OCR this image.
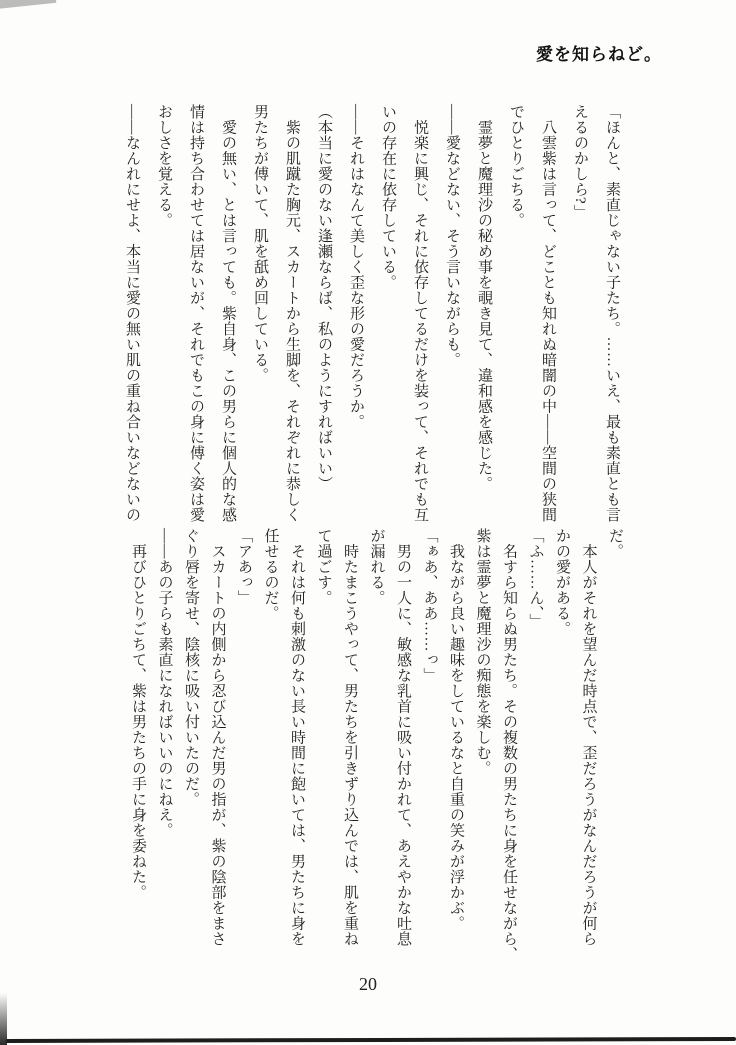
愛を知らねど。

「ほんと、素直じゃない子たち。……いえ、最も素直とも言

えるのかしら?」

　八雲紫は言って、どことも知れぬ暗闇の中――空間の狭間

でひとりごちる。

　霊夢と魔理沙の秘め事を覗き見て、違和感を感じた。

――愛などない、そう言いながらも。

　悦楽に興じ、それに依存してるだけを装って、それでも互

いの存在に依存している。

――それはなんて美しく歪な形の愛だろうか。

（本当に愛のない逢瀬ならば、私のようにすればいい）

　紫の肌蹴た胸元、スカートから生脚を、それぞれに恭しく

男たちが傅いて、肌を舐め回している。

　愛の無い、とは言っても。紫自身、この男らに個人的な感

情は持ち合わせては居ないが、それでもこの身に傅く姿は愛

おしさを覚える。

――なんれにせよ、本当に愛の無い肌の重ね合いなどないの

だ。

　本人がそれを望んだ時点で、歪だろうがなんだろうが何ら

かの愛がある。

「ふ……ん、」

　名すら知らぬ男たち。その複数の男たちに身を任せながら、

紫は霊夢と魔理沙の痴態を楽しむ。

　我ながら良い趣味をしているなと自重の笑みが浮かぶ。

「ぁあ、ああ……っ」

　男の一人に、敏感な乳首に吸い付かれて、あえやかな吐息

が漏れる。

　時たまこうやって、男たちを引きずり込んでは、肌を重ね

て過ごす。

　それは何も刺激のない長い時間に飽いては、男たちに身を

任せるのだ。

「アあっ」

　スカートの内側から忍び込んだ男の指が、紫の陰部をまさ

ぐり唇を寄せ、陰核に吸い付いたのだ。

――あの子らも素直になればいいのにねえ。

　再びひとりごちて、紫は男たちの手に身を委ねた。

20
